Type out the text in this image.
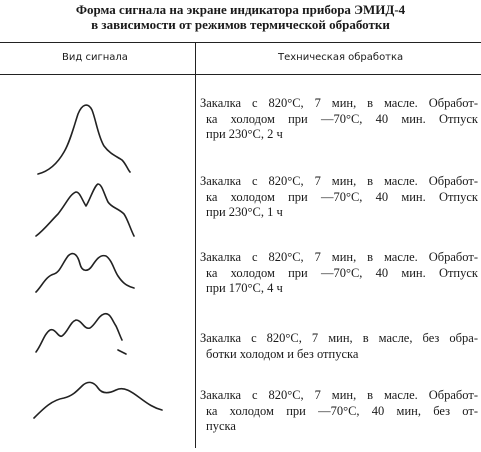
Форма сигнала на экране индикатора прибора ЭМИД-4
в зависимости от режимов термической обработки
Вид сигнала	Техническая обработка
Закалка с 820°С, 7 мин, в масле. Обработ-
ка холодом при —70°С, 40 мин. Отпуск
при 230°С, 2 ч
Закалка с 820°С, 7 мин, в масле. Обработ-
ка холодом при —70°С, 40 мин. Отпуск
при 230°С, 1 ч
Закалка с 820°С, 7 мин, в масле. Обработ-
ка холодом при —70°С, 40 мин. Отпуск
при 170°С, 4 ч
Закалка с 820°С, 7 мин, в масле, без обра-
ботки холодом и без отпуска
Закалка с 820°С, 7 мин, в масле. Обработ-
ка холодом при —70°С, 40 мин, без от-
пуска
